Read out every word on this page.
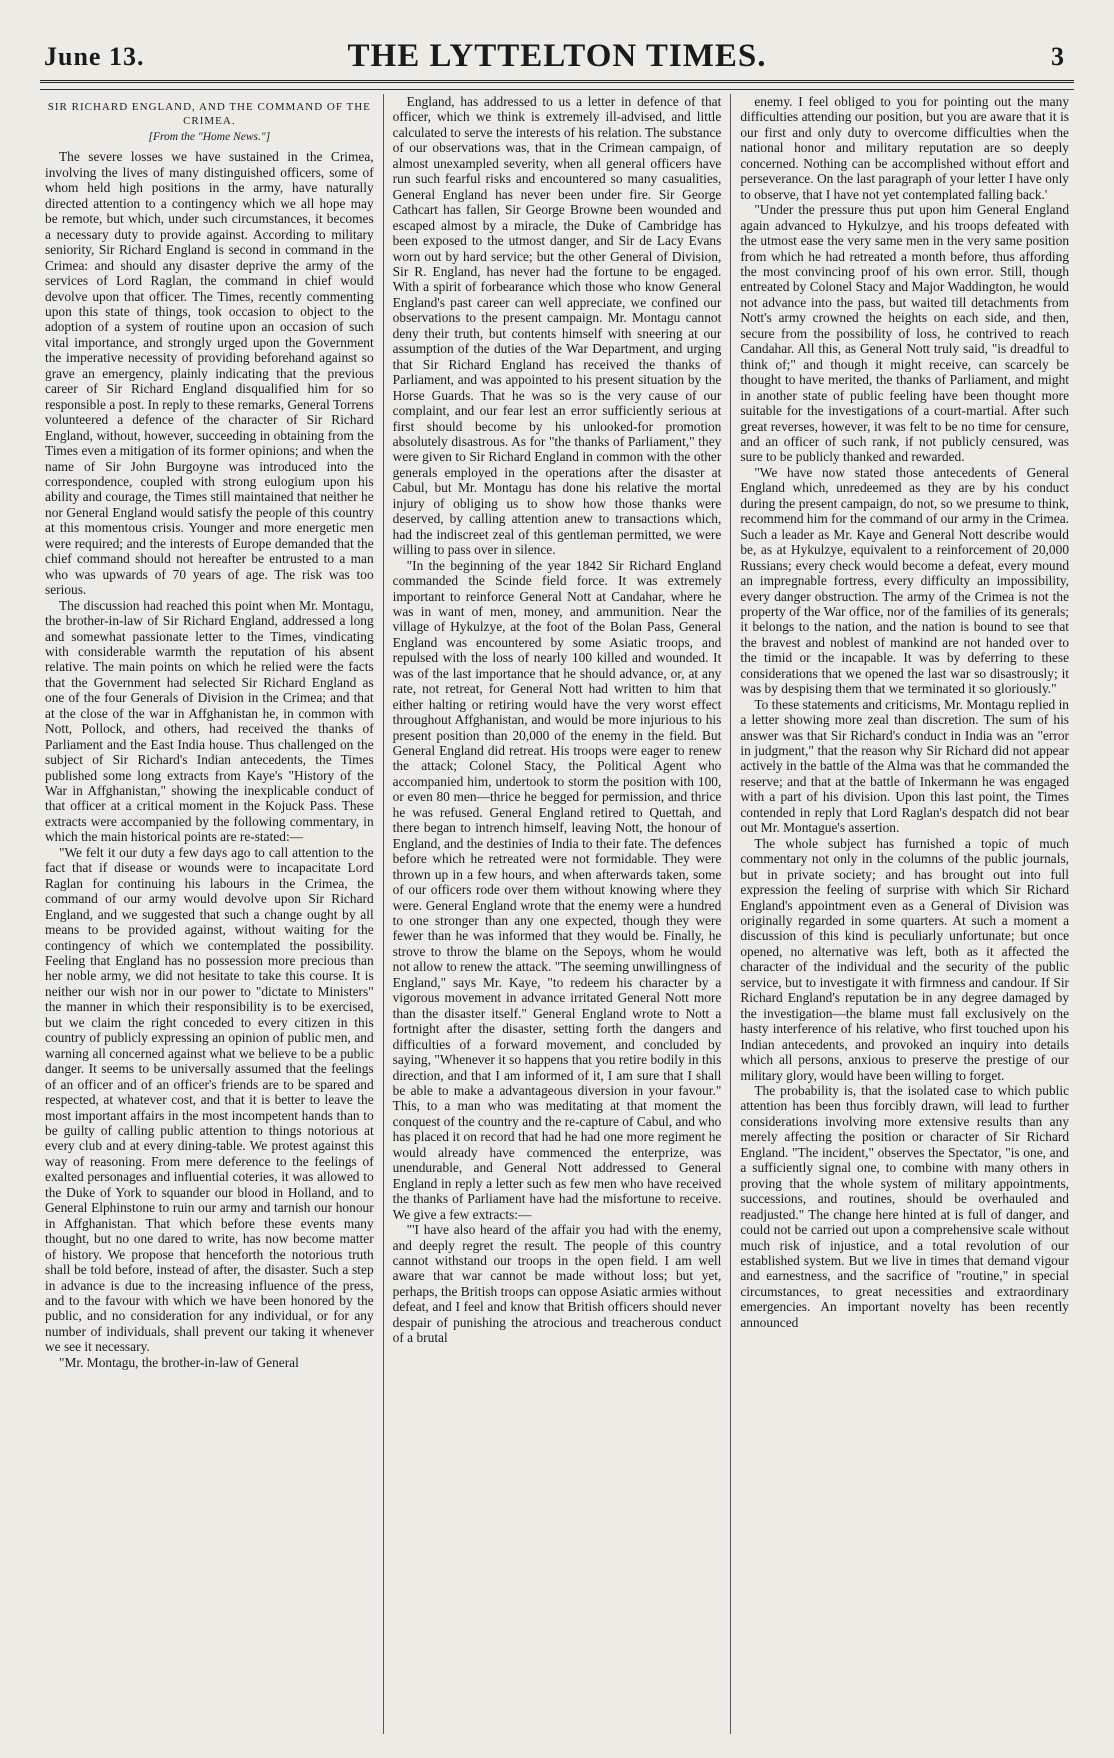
June 13.	THE LYTTELTON TIMES.	3
SIR RICHARD ENGLAND, AND THE COMMAND OF THE CRIMEA.
[From the "Home News."]

The severe losses we have sustained in the Crimea, involving the lives of many distinguished officers, some of whom held high positions in the army, have naturally directed attention to a contingency which we all hope may be remote, but which, under such circumstances, it becomes a necessary duty to provide against. According to military seniority, Sir Richard England is second in command in the Crimea: and should any disaster deprive the army of the services of Lord Raglan, the command in chief would devolve upon that officer. The Times, recently commenting upon this state of things, took occasion to object to the adoption of a system of routine upon an occasion of such vital importance, and strongly urged upon the Government the imperative necessity of providing beforehand against so grave an emergency, plainly indicating that the previous career of Sir Richard England disqualified him for so responsible a post. In reply to these remarks, General Torrens volunteered a defence of the character of Sir Richard England, without, however, succeeding in obtaining from the Times even a mitigation of its former opinions; and when the name of Sir John Burgoyne was introduced into the correspondence, coupled with strong eulogium upon his ability and courage, the Times still maintained that neither he nor General England would satisfy the people of this country at this momentous crisis. Younger and more energetic men were required; and the interests of Europe demanded that the chief command should not hereafter be entrusted to a man who was upwards of 70 years of age. The risk was too serious.

The discussion had reached this point when Mr. Montagu, the brother-in-law of Sir Richard England, addressed a long and somewhat passionate letter to the Times, vindicating with considerable warmth the reputation of his absent relative. The main points on which he relied were the facts that the Government had selected Sir Richard England as one of the four Generals of Division in the Crimea; and that at the close of the war in Affghanistan he, in common with Nott, Pollock, and others, had received the thanks of Parliament and the East India house. Thus challenged on the subject of Sir Richard's Indian antecedents, the Times published some long extracts from Kaye's "History of the War in Affghanistan," showing the inexplicable conduct of that officer at a critical moment in the Kojuck Pass. These extracts were accompanied by the following commentary, in which the main historical points are re-stated:—

"We felt it our duty a few days ago to call attention to the fact that if disease or wounds were to incapacitate Lord Raglan for continuing his labours in the Crimea, the command of our army would devolve upon Sir Richard England, and we suggested that such a change ought by all means to be provided against, without waiting for the contingency of which we contemplated the possibility. Feeling that England has no possession more precious than her noble army, we did not hesitate to take this course. It is neither our wish nor in our power to "dictate to Ministers" the manner in which their responsibility is to be exercised, but we claim the right conceded to every citizen in this country of publicly expressing an opinion of public men, and warning all concerned against what we believe to be a public danger. It seems to be universally assumed that the feelings of an officer and of an officer's friends are to be spared and respected, at whatever cost, and that it is better to leave the most important affairs in the most incompetent hands than to be guilty of calling public attention to things notorious at every club and at every dining-table. We protest against this way of reasoning. From mere deference to the feelings of exalted personages and influential coteries, it was allowed to the Duke of York to squander our blood in Holland, and to General Elphinstone to ruin our army and tarnish our honour in Affghanistan. That which before these events many thought, but no one dared to write, has now become matter of history. We propose that henceforth the notorious truth shall be told before, instead of after, the disaster. Such a step in advance is due to the increasing influence of the press, and to the favour with which we have been honored by the public, and no consideration for any individual, or for any number of individuals, shall prevent our taking it whenever we see it necessary.

"Mr. Montagu, the brother-in-law of General

England, has addressed to us a letter in defence of that officer, which we think is extremely ill-advised, and little calculated to serve the interests of his relation. The substance of our observations was, that in the Crimean campaign, of almost unexampled severity, when all general officers have run such fearful risks and encountered so many casualities, General England has never been under fire. Sir George Cathcart has fallen, Sir George Browne been wounded and escaped almost by a miracle, the Duke of Cambridge has been exposed to the utmost danger, and Sir de Lacy Evans worn out by hard service; but the other General of Division, Sir R. England, has never had the fortune to be engaged. With a spirit of forbearance which those who know General England's past career can well appreciate, we confined our observations to the present campaign. Mr. Montagu cannot deny their truth, but contents himself with sneering at our assumption of the duties of the War Department, and urging that Sir Richard England has received the thanks of Parliament, and was appointed to his present situation by the Horse Guards. That he was so is the very cause of our complaint, and our fear lest an error sufficiently serious at first should become by his unlooked-for promotion absolutely disastrous. As for "the thanks of Parliament," they were given to Sir Richard England in common with the other generals employed in the operations after the disaster at Cabul, but Mr. Montagu has done his relative the mortal injury of obliging us to show how those thanks were deserved, by calling attention anew to transactions which, had the indiscreet zeal of this gentleman permitted, we were willing to pass over in silence.

"In the beginning of the year 1842 Sir Richard England commanded the Scinde field force. It was extremely important to reinforce General Nott at Candahar, where he was in want of men, money, and ammunition. Near the village of Hykulzye, at the foot of the Bolan Pass, General England was encountered by some Asiatic troops, and repulsed with the loss of nearly 100 killed and wounded. It was of the last importance that he should advance, or, at any rate, not retreat, for General Nott had written to him that either halting or retiring would have the very worst effect throughout Affghanistan, and would be more injurious to his present position than 20,000 of the enemy in the field. But General England did retreat. His troops were eager to renew the attack; Colonel Stacy, the Political Agent who accompanied him, undertook to storm the position with 100, or even 80 men—thrice he begged for permission, and thrice he was refused. General England retired to Quettah, and there began to intrench himself, leaving Nott, the honour of England, and the destinies of India to their fate. The defences before which he retreated were not formidable. They were thrown up in a few hours, and when afterwards taken, some of our officers rode over them without knowing where they were. General England wrote that the enemy were a hundred to one stronger than any one expected, though they were fewer than he was informed that they would be. Finally, he strove to throw the blame on the Sepoys, whom he would not allow to renew the attack. "The seeming unwillingness of England," says Mr. Kaye, "to redeem his character by a vigorous movement in advance irritated General Nott more than the disaster itself." General England wrote to Nott a fortnight after the disaster, setting forth the dangers and difficulties of a forward movement, and concluded by saying, "Whenever it so happens that you retire bodily in this direction, and that I am informed of it, I am sure that I shall be able to make a advantageous diversion in your favour." This, to a man who was meditating at that moment the conquest of the country and the re-capture of Cabul, and who has placed it on record that had he had one more regiment he would already have commenced the enterprize, was unendurable, and General Nott addressed to General England in reply a letter such as few men who have received the thanks of Parliament have had the misfortune to receive. We give a few extracts:—

"'I have also heard of the affair you had with the enemy, and deeply regret the result. The people of this country cannot withstand our troops in the open field. I am well aware that war cannot be made without loss; but yet, perhaps, the British troops can oppose Asiatic armies without defeat, and I feel and know that British officers should never despair of punishing the atrocious and treacherous conduct of a brutal

enemy. I feel obliged to you for pointing out the many difficulties attending our position, but you are aware that it is our first and only duty to overcome difficulties when the national honor and military reputation are so deeply concerned. Nothing can be accomplished without effort and perseverance. On the last paragraph of your letter I have only to observe, that I have not yet contemplated falling back.'

"Under the pressure thus put upon him General England again advanced to Hykulzye, and his troops defeated with the utmost ease the very same men in the very same position from which he had retreated a month before, thus affording the most convincing proof of his own error. Still, though entreated by Colonel Stacy and Major Waddington, he would not advance into the pass, but waited till detachments from Nott's army crowned the heights on each side, and then, secure from the possibility of loss, he contrived to reach Candahar. All this, as General Nott truly said, "is dreadful to think of;" and though it might receive, can scarcely be thought to have merited, the thanks of Parliament, and might in another state of public feeling have been thought more suitable for the investigations of a court-martial. After such great reverses, however, it was felt to be no time for censure, and an officer of such rank, if not publicly censured, was sure to be publicly thanked and rewarded.

"We have now stated those antecedents of General England which, unredeemed as they are by his conduct during the present campaign, do not, so we presume to think, recommend him for the command of our army in the Crimea. Such a leader as Mr. Kaye and General Nott describe would be, as at Hykulzye, equivalent to a reinforcement of 20,000 Russians; every check would become a defeat, every mound an impregnable fortress, every difficulty an impossibility, every danger obstruction. The army of the Crimea is not the property of the War office, nor of the families of its generals; it belongs to the nation, and the nation is bound to see that the bravest and noblest of mankind are not handed over to the timid or the incapable. It was by deferring to these considerations that we opened the last war so disastrously; it was by despising them that we terminated it so gloriously."

To these statements and criticisms, Mr. Montagu replied in a letter showing more zeal than discretion. The sum of his answer was that Sir Richard's conduct in India was an "error in judgment," that the reason why Sir Richard did not appear actively in the battle of the Alma was that he commanded the reserve; and that at the battle of Inkermann he was engaged with a part of his division. Upon this last point, the Times contended in reply that Lord Raglan's despatch did not bear out Mr. Montague's assertion.

The whole subject has furnished a topic of much commentary not only in the columns of the public journals, but in private society; and has brought out into full expression the feeling of surprise with which Sir Richard England's appointment even as a General of Division was originally regarded in some quarters. At such a moment a discussion of this kind is peculiarly unfortunate; but once opened, no alternative was left, both as it affected the character of the individual and the security of the public service, but to investigate it with firmness and candour. If Sir Richard England's reputation be in any degree damaged by the investigation—the blame must fall exclusively on the hasty interference of his relative, who first touched upon his Indian antecedents, and provoked an inquiry into details which all persons, anxious to preserve the prestige of our military glory, would have been willing to forget.

The probability is, that the isolated case to which public attention has been thus forcibly drawn, will lead to further considerations involving more extensive results than any merely affecting the position or character of Sir Richard England. "The incident," observes the Spectator, "is one, and a sufficiently signal one, to combine with many others in proving that the whole system of military appointments, successions, and routines, should be overhauled and readjusted." The change here hinted at is full of danger, and could not be carried out upon a comprehensive scale without much risk of injustice, and a total revolution of our established system. But we live in times that demand vigour and earnestness, and the sacrifice of "routine," in special circumstances, to great necessities and extraordinary emergencies. An important novelty has been recently announced
